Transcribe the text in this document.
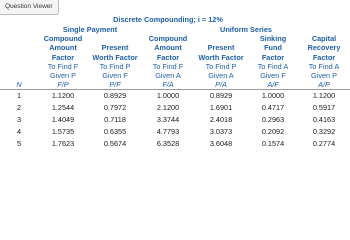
Question Viewer
	Discrete Compounding; i = 12%					
	Single Payment		Uniform Series			
	Compound		Compound		Sinking	Capital
	Amount	Present	Amount	Present	Fund	Recovery
	Factor	Worth Factor	Factor	Worth Factor	Factor	Factor
	To Find F	To Find P	To Find F	To Find P	To Find A	To Find A
	Given P	Given F	Given A	Given A	Given F	Given P
N	F/P	P/F	F/A	P/A	A/F	A/P
1	1.1200	0.8929	1.0000	0.8929	1.0000	1.1200
2	1.2544	0.7972	2.1200	1.6901	0.4717	0.5917
3	1.4049	0.7118	3.3744	2.4018	0.2963	0.4163
4	1.5735	0.6355	4.7793	3.0373	0.2092	0.3292
5	1.7623	0.5674	6.3528	3.6048	0.1574	0.2774
